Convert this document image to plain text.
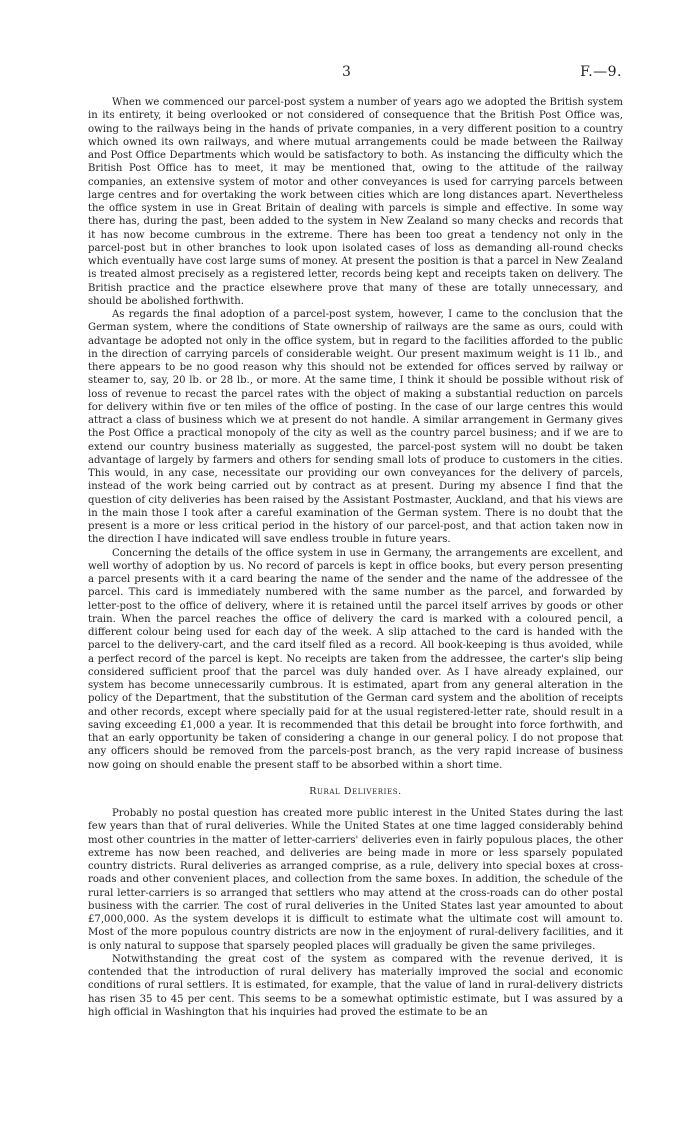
3	F.—9.

When we commenced our parcel-post system a number of years ago we adopted the British system in its entirety, it being overlooked or not considered of consequence that the British Post Office was, owing to the railways being in the hands of private companies, in a very different position to a country which owned its own railways, and where mutual arrangements could be made between the Railway and Post Office Departments which would be satisfactory to both. As instancing the difficulty which the British Post Office has to meet, it may be mentioned that, owing to the attitude of the railway companies, an extensive system of motor and other conveyances is used for carrying parcels between large centres and for overtaking the work between cities which are long distances apart. Nevertheless the office system in use in Great Britain of dealing with parcels is simple and effective. In some way there has, during the past, been added to the system in New Zealand so many checks and records that it has now become cumbrous in the extreme. There has been too great a tendency not only in the parcel-post but in other branches to look upon isolated cases of loss as demanding all-round checks which eventually have cost large sums of money. At present the position is that a parcel in New Zealand is treated almost precisely as a registered letter, records being kept and receipts taken on delivery. The British practice and the practice elsewhere prove that many of these are totally unnecessary, and should be abolished forthwith.

As regards the final adoption of a parcel-post system, however, I came to the conclusion that the German system, where the conditions of State ownership of railways are the same as ours, could with advantage be adopted not only in the office system, but in regard to the facilities afforded to the public in the direction of carrying parcels of considerable weight. Our present maximum weight is 11 lb., and there appears to be no good reason why this should not be extended for offices served by railway or steamer to, say, 20 lb. or 28 lb., or more. At the same time, I think it should be possible without risk of loss of revenue to recast the parcel rates with the object of making a substantial reduction on parcels for delivery within five or ten miles of the office of posting. In the case of our large centres this would attract a class of business which we at present do not handle. A similar arrangement in Germany gives the Post Office a practical monopoly of the city as well as the country parcel business; and if we are to extend our country business materially as suggested, the parcel-post system will no doubt be taken advantage of largely by farmers and others for sending small lots of produce to customers in the cities. This would, in any case, necessitate our providing our own conveyances for the delivery of parcels, instead of the work being carried out by contract as at present. During my absence I find that the question of city deliveries has been raised by the Assistant Postmaster, Auckland, and that his views are in the main those I took after a careful examination of the German system. There is no doubt that the present is a more or less critical period in the history of our parcel-post, and that action taken now in the direction I have indicated will save endless trouble in future years.

Concerning the details of the office system in use in Germany, the arrangements are excellent, and well worthy of adoption by us. No record of parcels is kept in office books, but every person presenting a parcel presents with it a card bearing the name of the sender and the name of the addressee of the parcel. This card is immediately numbered with the same number as the parcel, and forwarded by letter-post to the office of delivery, where it is retained until the parcel itself arrives by goods or other train. When the parcel reaches the office of delivery the card is marked with a coloured pencil, a different colour being used for each day of the week. A slip attached to the card is handed with the parcel to the delivery-cart, and the card itself filed as a record. All book-keeping is thus avoided, while a perfect record of the parcel is kept. No receipts are taken from the addressee, the carter's slip being considered sufficient proof that the parcel was duly handed over. As I have already explained, our system has become unnecessarily cumbrous. It is estimated, apart from any general alteration in the policy of the Department, that the substitution of the German card system and the abolition of receipts and other records, except where specially paid for at the usual registered-letter rate, should result in a saving exceeding £1,000 a year. It is recommended that this detail be brought into force forthwith, and that an early opportunity be taken of considering a change in our general policy. I do not propose that any officers should be removed from the parcels-post branch, as the very rapid increase of business now going on should enable the present staff to be absorbed within a short time.

Rural Deliveries.

Probably no postal question has created more public interest in the United States during the last few years than that of rural deliveries. While the United States at one time lagged considerably behind most other countries in the matter of letter-carriers' deliveries even in fairly populous places, the other extreme has now been reached, and deliveries are being made in more or less sparsely populated country districts. Rural deliveries as arranged comprise, as a rule, delivery into special boxes at cross-roads and other convenient places, and collection from the same boxes. In addition, the schedule of the rural letter-carriers is so arranged that settlers who may attend at the cross-roads can do other postal business with the carrier. The cost of rural deliveries in the United States last year amounted to about £7,000,000. As the system develops it is difficult to estimate what the ultimate cost will amount to. Most of the more populous country districts are now in the enjoyment of rural-delivery facilities, and it is only natural to suppose that sparsely peopled places will gradually be given the same privileges.

Notwithstanding the great cost of the system as compared with the revenue derived, it is contended that the introduction of rural delivery has materially improved the social and economic conditions of rural settlers. It is estimated, for example, that the value of land in rural-delivery districts has risen 35 to 45 per cent. This seems to be a somewhat optimistic estimate, but I was assured by a high official in Washington that his inquiries had proved the estimate to be an
